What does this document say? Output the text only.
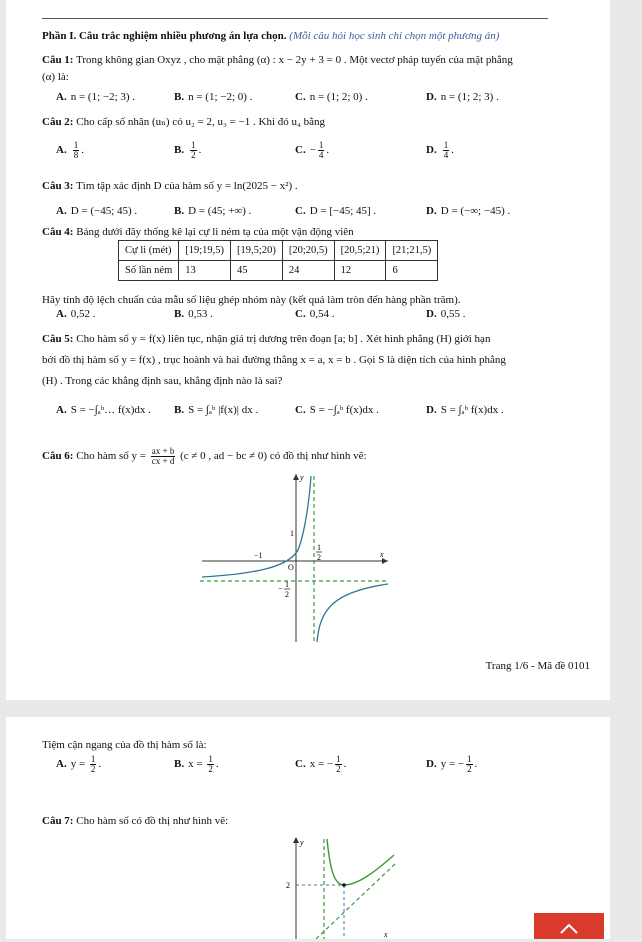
Phần I. Câu trắc nghiệm nhiều phương án lựa chọn. (Mỗi câu hỏi học sinh chỉ chọn một phương án)
Câu 1: Trong không gian Oxyz , cho mặt phẳng (α) : x − 2y + 3 = 0 . Một vectơ pháp tuyến của mặt phẳng
(α) là:
A. n = (1; −2; 3) .	B. n = (1; −2; 0) .	C. n = (1; 2; 0) .	D. n = (1; 2; 3) .
Câu 2: Cho cấp số nhân (uₙ) có u₂ = 2, u₃ = −1 . Khi đó u₄ bằng
A. $\frac{1}{8}$ .	B. $\frac{1}{2}$ .	C. − $\frac{1}{4}$ .	D. $\frac{1}{4}$ .
Câu 3: Tìm tập xác định D của hàm số y = ln(2025 − x²) .
A. D = (−45; 45) .	B. D = (45; +∞) .	C. D = [−45; 45] .	D. D = (−∞; −45) .
Câu 4: Bảng dưới đây thống kê lại cự li ném tạ của một vận động viên
Cự li (mét)	[19;19,5)	[19,5;20)	[20;20,5)	[20,5;21)	[21;21,5)
Số lần ném	13	45	24	12	6
Hãy tính độ lệch chuẩn của mẫu số liệu ghép nhóm này (kết quả làm tròn đến hàng phần trăm).
A. 0,52 .	B. 0,53 .	C. 0,54 .	D. 0,55 .
Câu 5: Cho hàm số y = f(x) liên tục, nhận giá trị dương trên đoạn [a; b] . Xét hình phẳng (H) giới hạn
bởi đồ thị hàm số y = f(x) , trục hoành và hai đường thẳng x = a, x = b . Gọi S là diện tích của hình phẳng
(H) . Trong các khẳng định sau, khẳng định nào là sai?
A. S = −∫ₐᵇ… f(x)dx . B. S = ∫ₐᵇ |f(x)| dx .	C. S = −∫ₐᵇ f(x)dx .	D. S = ∫ₐᵇ f(x)dx .
Câu 6: Cho hàm số $y = \frac{ax + b}{cx + d} (c \ne 0$ , ad − bc ≠ 0) có đồ thị như hình vẽ:
y
x
O
1
−1
1
2
− 1
2
Trang 1/6 - Mã đề 0101
Tiệm cận ngang của đồ thị hàm số là:
A. $y = \frac{1}{2}$ .	B. $x = \frac{1}{2}$ .	C. x = − $\frac{1}{2}$ .	D. y = − $\frac{1}{2}$ .
Câu 7: Cho hàm số có đồ thị như hình vẽ:
y
2
x
